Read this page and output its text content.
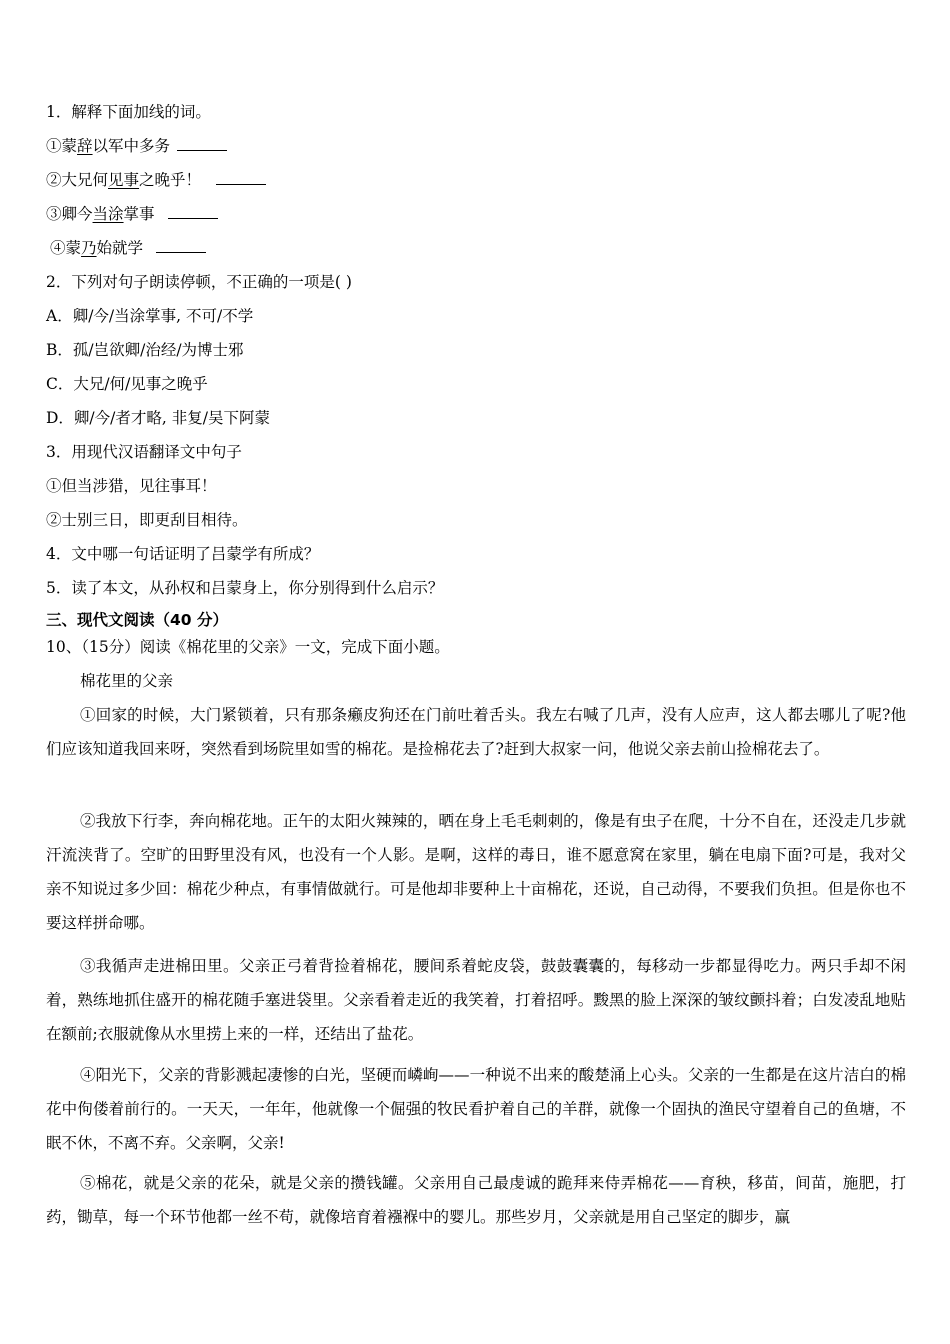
1．解释下面加线的词。
①蒙辞以军中多务
②大兄何见事之晚乎！
③卿今当涂掌事
④蒙乃始就学
2．下列对句子朗读停顿，不正确的一项是( )
A．卿/今/当涂掌事, 不可/不学
B．孤/岂欲卿/治经/为博士邪
C．大兄/何/见事之晚乎
D．卿/今/者才略, 非复/吴下阿蒙
3．用现代汉语翻译文中句子
①但当涉猎，见往事耳！
②士别三日，即更刮目相待。
4．文中哪一句话证明了吕蒙学有所成？
5．读了本文，从孙权和吕蒙身上，你分别得到什么启示？
三、现代文阅读（40 分）
10、（15分）阅读《棉花里的父亲》一文，完成下面小题。
棉花里的父亲

①回家的时候，大门紧锁着，只有那条癞皮狗还在门前吐着舌头。我左右喊了几声，没有人应声，这人都去哪儿了呢?他们应该知道我回来呀，突然看到场院里如雪的棉花。是捡棉花去了?赶到大叔家一问，他说父亲去前山捡棉花去了。

②我放下行李，奔向棉花地。正午的太阳火辣辣的，晒在身上毛毛刺刺的，像是有虫子在爬，十分不自在，还没走几步就汗流浃背了。空旷的田野里没有风，也没有一个人影。是啊，这样的毒日，谁不愿意窝在家里，躺在电扇下面?可是，我对父亲不知说过多少回：棉花少种点，有事情做就行。可是他却非要种上十亩棉花，还说，自己动得，不要我们负担。但是你也不要这样拼命哪。

③我循声走进棉田里。父亲正弓着背捡着棉花，腰间系着蛇皮袋，鼓鼓囊囊的，每移动一步都显得吃力。两只手却不闲着，熟练地抓住盛开的棉花随手塞进袋里。父亲看着走近的我笑着，打着招呼。黢黑的脸上深深的皱纹颤抖着；白发凌乱地贴在额前;衣服就像从水里捞上来的一样，还结出了盐花。

④阳光下，父亲的背影溅起凄惨的白光，坚硬而嶙峋——一种说不出来的酸楚涌上心头。父亲的一生都是在这片洁白的棉花中佝偻着前行的。一天天，一年年，他就像一个倔强的牧民看护着自己的羊群，就像一个固执的渔民守望着自己的鱼塘，不眠不休，不离不弃。父亲啊，父亲!

⑤棉花，就是父亲的花朵，就是父亲的攒钱罐。父亲用自己最虔诚的跪拜来侍弄棉花——育秧，移苗，间苗，施肥，打药，锄草，每一个环节他都一丝不苟，就像培育着襁褓中的婴儿。那些岁月，父亲就是用自己坚定的脚步，赢
